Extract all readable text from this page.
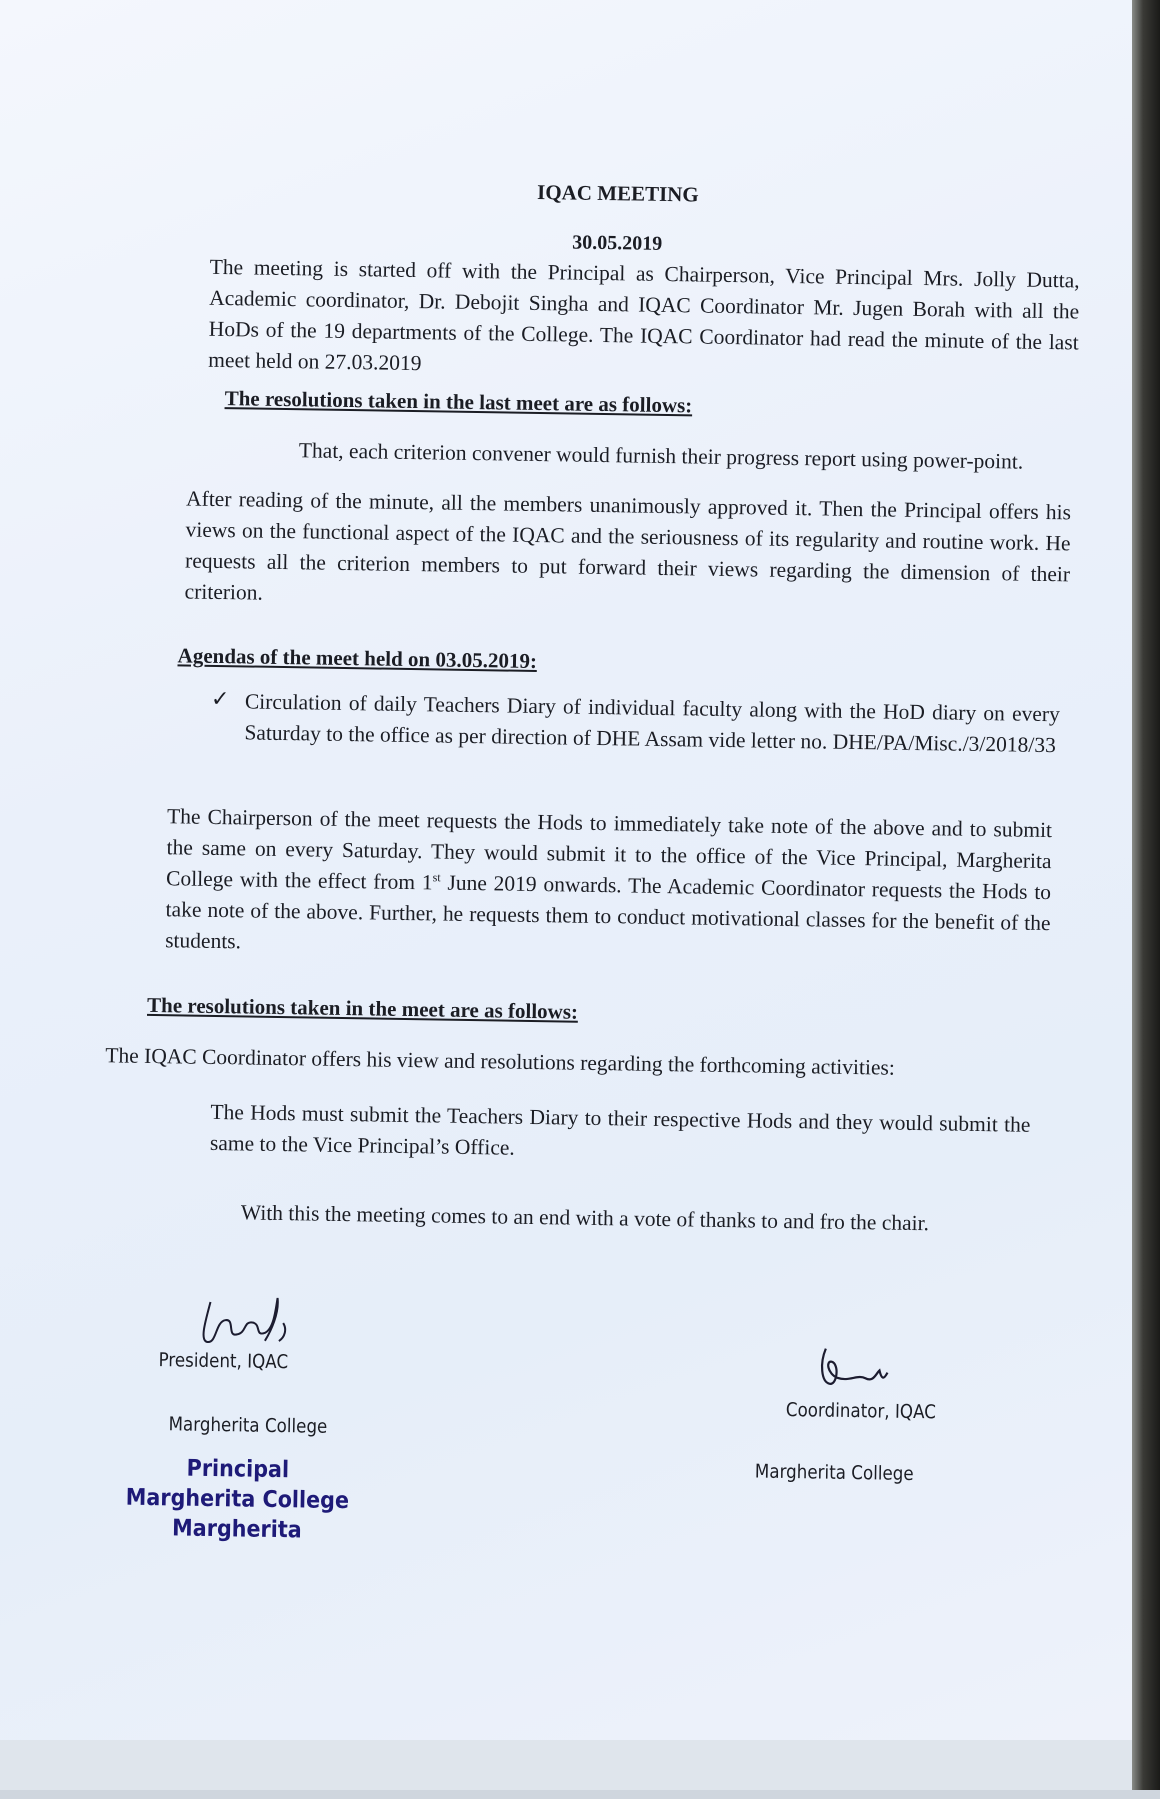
IQAC MEETING
30.05.2019
The meeting is started off with the Principal as Chairperson, Vice Principal Mrs. Jolly Dutta, Academic coordinator, Dr. Debojit Singha and IQAC Coordinator Mr. Jugen Borah with all the HoDs of the 19 departments of the College. The IQAC Coordinator had read the minute of the last meet held on 27.03.2019
The resolutions taken in the last meet are as follows:
That, each criterion convener would furnish their progress report using power-point.
After reading of the minute, all the members unanimously approved it. Then the Principal offers his views on the functional aspect of the IQAC and the seriousness of its regularity and routine work. He requests all the criterion members to put forward their views regarding the dimension of their criterion.
Agendas of the meet held on 03.05.2019:
✓ Circulation of daily Teachers Diary of individual faculty along with the HoD diary on every Saturday to the office as per direction of DHE Assam vide letter no. DHE/PA/Misc./3/2018/33
The Chairperson of the meet requests the Hods to immediately take note of the above and to submit the same on every Saturday. They would submit it to the office of the Vice Principal, Margherita College with the effect from 1st June 2019 onwards. The Academic Coordinator requests the Hods to take note of the above. Further, he requests them to conduct motivational classes for the benefit of the students.
The resolutions taken in the meet are as follows:
The IQAC Coordinator offers his view and resolutions regarding the forthcoming activities:
The Hods must submit the Teachers Diary to their respective Hods and they would submit the same to the Vice Principal’s Office.
With this the meeting comes to an end with a vote of thanks to and fro the chair.
President, IQAC
Margherita College
Principal
Margherita College
Margherita
Coordinator, IQAC
Margherita College
